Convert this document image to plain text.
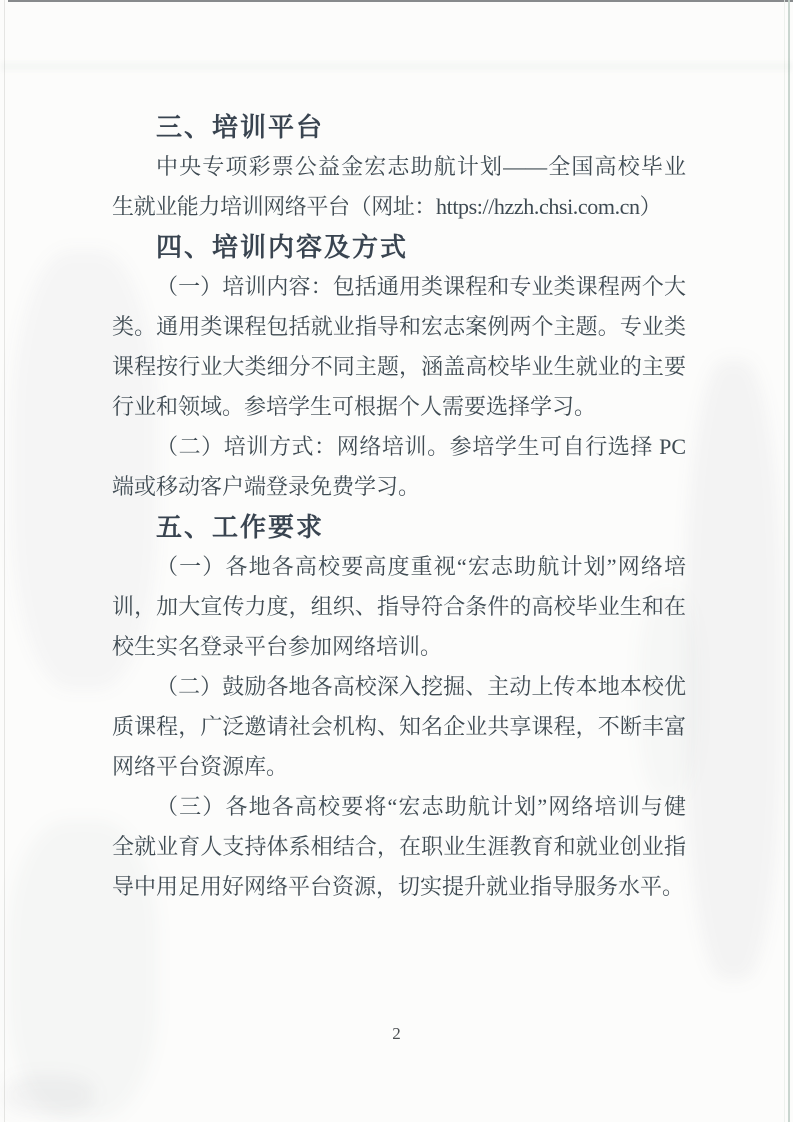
三、培训平台
中央专项彩票公益金宏志助航计划——全国高校毕业
生就业能力培训网络平台（网址：https://hzzh.chsi.com.cn）
四、培训内容及方式
（一）培训内容：包括通用类课程和专业类课程两个大
类。通用类课程包括就业指导和宏志案例两个主题。专业类
课程按行业大类细分不同主题，涵盖高校毕业生就业的主要
行业和领域。参培学生可根据个人需要选择学习。
（二）培训方式：网络培训。参培学生可自行选择 PC
端或移动客户端登录免费学习。
五、工作要求
（一）各地各高校要高度重视“宏志助航计划”网络培
训，加大宣传力度，组织、指导符合条件的高校毕业生和在
校生实名登录平台参加网络培训。
（二）鼓励各地各高校深入挖掘、主动上传本地本校优
质课程，广泛邀请社会机构、知名企业共享课程，不断丰富
网络平台资源库。
（三）各地各高校要将“宏志助航计划”网络培训与健
全就业育人支持体系相结合，在职业生涯教育和就业创业指
导中用足用好网络平台资源，切实提升就业指导服务水平。
2
